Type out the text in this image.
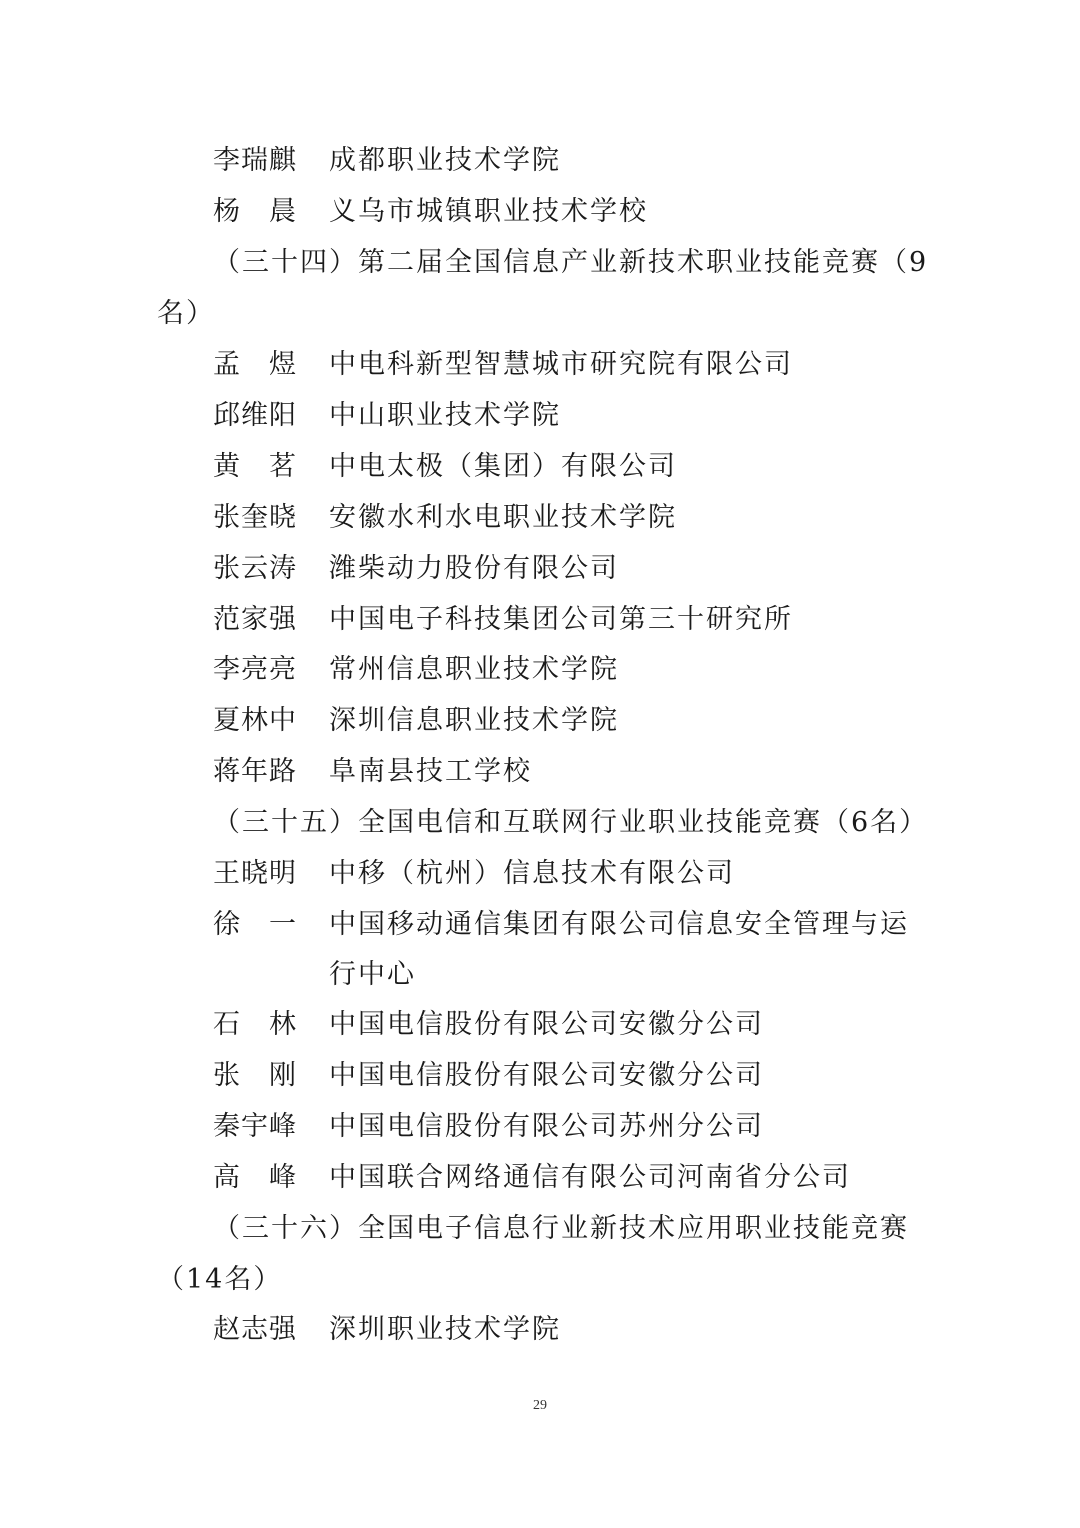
李瑞麒 成都职业技术学院
杨　晨 义乌市城镇职业技术学校
（三十四）第二届全国信息产业新技术职业技能竞赛（9
名）
孟　煜 中电科新型智慧城市研究院有限公司
邱维阳 中山职业技术学院
黄　茗 中电太极（集团）有限公司
张奎晓 安徽水利水电职业技术学院
张云涛 潍柴动力股份有限公司
范家强 中国电子科技集团公司第三十研究所
李亮亮 常州信息职业技术学院
夏林中 深圳信息职业技术学院
蒋年路 阜南县技工学校
（三十五）全国电信和互联网行业职业技能竞赛（6名）
王晓明 中移（杭州）信息技术有限公司
徐　一 中国移动通信集团有限公司信息安全管理与运
行中心
石　林 中国电信股份有限公司安徽分公司
张　刚 中国电信股份有限公司安徽分公司
秦宇峰 中国电信股份有限公司苏州分公司
高　峰 中国联合网络通信有限公司河南省分公司
（三十六）全国电子信息行业新技术应用职业技能竞赛
（14名）
赵志强 深圳职业技术学院
29
